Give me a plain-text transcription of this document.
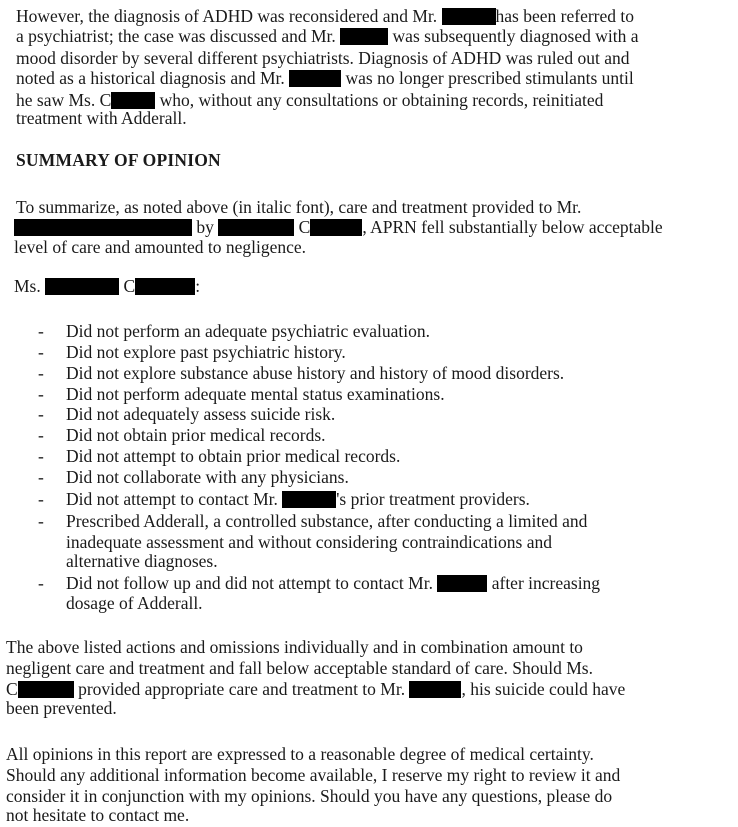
However, the diagnosis of ADHD was reconsidered and Mr.	has been referred to
a psychiatrist; the case was discussed and Mr.	was subsequently diagnosed with a
mood disorder by several different psychiatrists. Diagnosis of ADHD was ruled out and
noted as a historical diagnosis and Mr.	was no longer prescribed stimulants until
he saw Ms. C	who, without any consultations or obtaining records, reinitiated
treatment with Adderall.
SUMMARY OF OPINION
To summarize, as noted above (in italic font), care and treatment provided to Mr.
by	C	, APRN fell substantially below acceptable
level of care and amounted to negligence.
Ms.	C	:
- Did not perform an adequate psychiatric evaluation.
- Did not explore past psychiatric history.
- Did not explore substance abuse history and history of mood disorders.
- Did not perform adequate mental status examinations.
- Did not adequately assess suicide risk.
- Did not obtain prior medical records.
- Did not attempt to obtain prior medical records.
- Did not collaborate with any physicians.
- Did not attempt to contact Mr.	's prior treatment providers.
- Prescribed Adderall, a controlled substance, after conducting a limited and
inadequate assessment and without considering contraindications and
alternative diagnoses.
- Did not follow up and did not attempt to contact Mr.	after increasing
dosage of Adderall.
The above listed actions and omissions individually and in combination amount to
negligent care and treatment and fall below acceptable standard of care. Should Ms.
C	provided appropriate care and treatment to Mr.	, his suicide could have
been prevented.
All opinions in this report are expressed to a reasonable degree of medical certainty.
Should any additional information become available, I reserve my right to review it and
consider it in conjunction with my opinions. Should you have any questions, please do
not hesitate to contact me.
